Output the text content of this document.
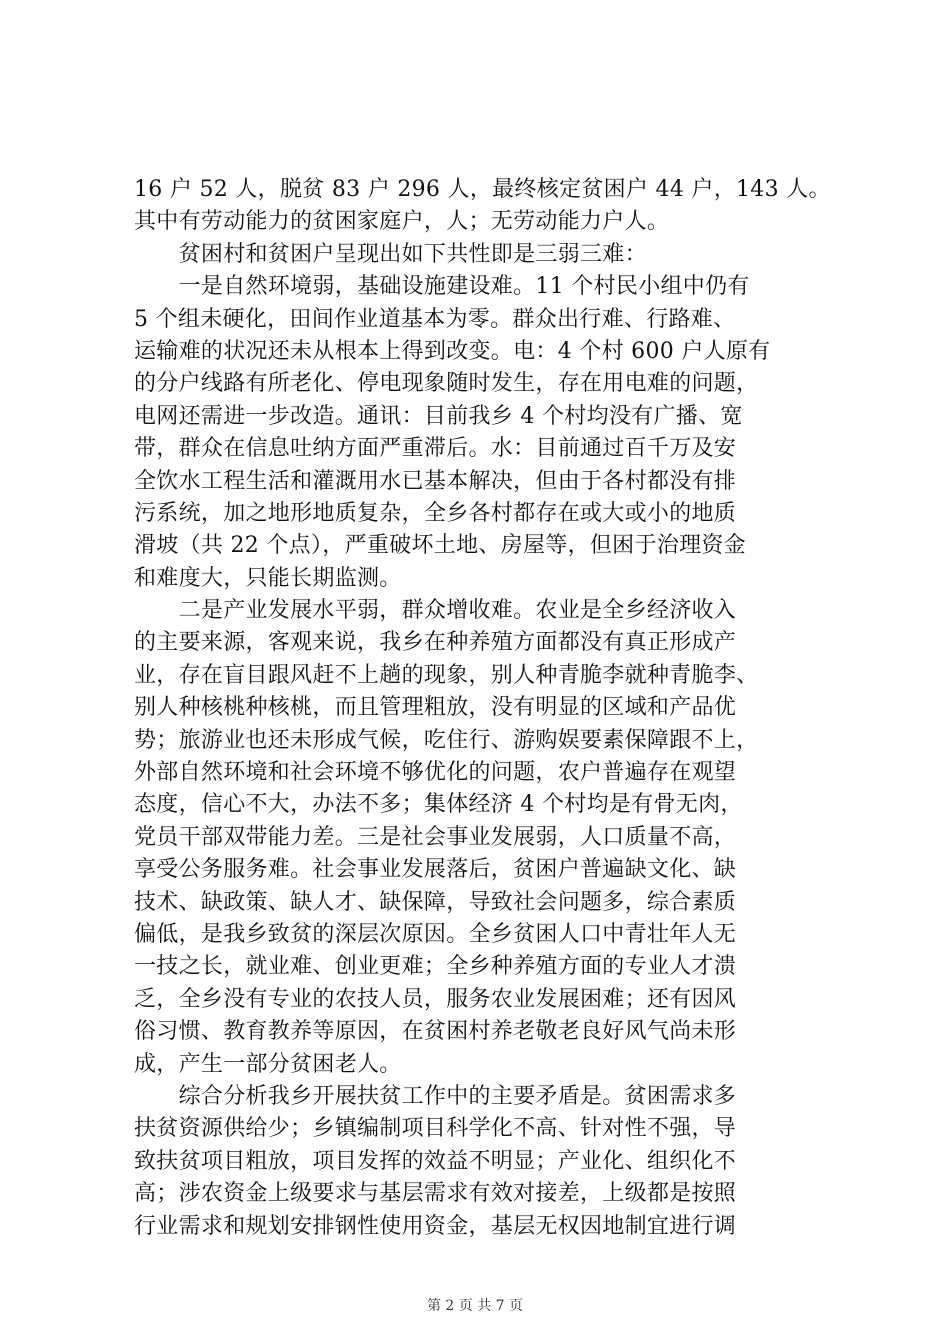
16 户 52 人，脱贫 83 户 296 人，最终核定贫困户 44 户，143 人。
其中有劳动能力的贫困家庭户，人；无劳动能力户人。
　　贫困村和贫困户呈现出如下共性即是三弱三难：
　　一是自然环境弱，基础设施建设难。11 个村民小组中仍有
5 个组未硬化，田间作业道基本为零。群众出行难、行路难、
运输难的状况还未从根本上得到改变。电：4 个村 600 户人原有
的分户线路有所老化、停电现象随时发生，存在用电难的问题，
电网还需进一步改造。通讯：目前我乡 4 个村均没有广播、宽
带，群众在信息吐纳方面严重滞后。水：目前通过百千万及安
全饮水工程生活和灌溉用水已基本解决，但由于各村都没有排
污系统，加之地形地质复杂，全乡各村都存在或大或小的地质
滑坡（共 22 个点），严重破坏土地、房屋等，但困于治理资金
和难度大，只能长期监测。
　　二是产业发展水平弱，群众增收难。农业是全乡经济收入
的主要来源，客观来说，我乡在种养殖方面都没有真正形成产
业，存在盲目跟风赶不上趟的现象，别人种青脆李就种青脆李、
别人种核桃种核桃，而且管理粗放，没有明显的区域和产品优
势；旅游业也还未形成气候，吃住行、游购娱要素保障跟不上，
外部自然环境和社会环境不够优化的问题，农户普遍存在观望
态度，信心不大，办法不多；集体经济 4 个村均是有骨无肉，
党员干部双带能力差。三是社会事业发展弱，人口质量不高，
享受公务服务难。社会事业发展落后，贫困户普遍缺文化、缺
技术、缺政策、缺人才、缺保障，导致社会问题多，综合素质
偏低，是我乡致贫的深层次原因。全乡贫困人口中青壮年人无
一技之长，就业难、创业更难；全乡种养殖方面的专业人才溃
乏，全乡没有专业的农技人员，服务农业发展困难；还有因风
俗习惯、教育教养等原因，在贫困村养老敬老良好风气尚未形
成，产生一部分贫困老人。
　　综合分析我乡开展扶贫工作中的主要矛盾是。贫困需求多
扶贫资源供给少；乡镇编制项目科学化不高、针对性不强，导
致扶贫项目粗放，项目发挥的效益不明显；产业化、组织化不
高；涉农资金上级要求与基层需求有效对接差，上级都是按照
行业需求和规划安排钢性使用资金，基层无权因地制宜进行调
第 2 页 共 7 页
